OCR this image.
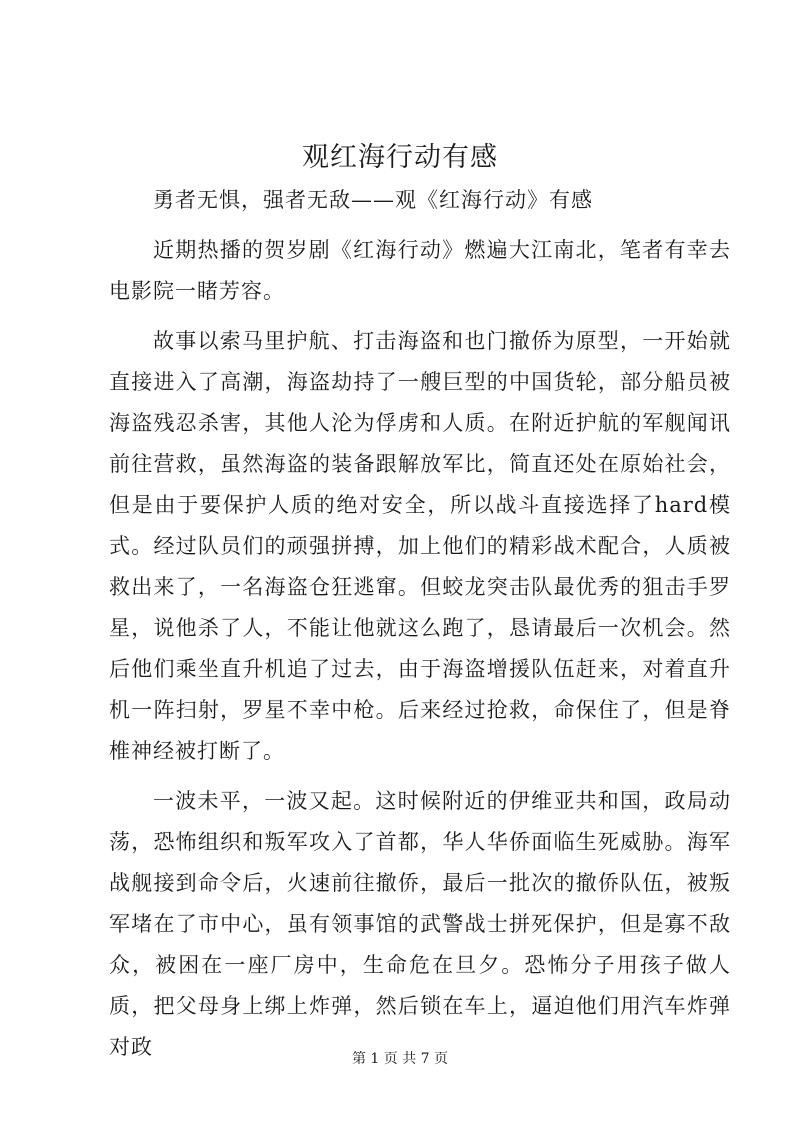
观红海行动有感

勇者无惧，强者无敌——观《红海行动》有感

近期热播的贺岁剧《红海行动》燃遍大江南北，笔者有幸去电影院一睹芳容。

故事以索马里护航、打击海盗和也门撤侨为原型，一开始就直接进入了高潮，海盗劫持了一艘巨型的中国货轮，部分船员被海盗残忍杀害，其他人沦为俘虏和人质。在附近护航的军舰闻讯前往营救，虽然海盗的装备跟解放军比，简直还处在原始社会，但是由于要保护人质的绝对安全，所以战斗直接选择了hard模式。经过队员们的顽强拼搏，加上他们的精彩战术配合，人质被救出来了，一名海盗仓狂逃窜。但蛟龙突击队最优秀的狙击手罗星，说他杀了人，不能让他就这么跑了，恳请最后一次机会。然后他们乘坐直升机追了过去，由于海盗增援队伍赶来，对着直升机一阵扫射，罗星不幸中枪。后来经过抢救，命保住了，但是脊椎神经被打断了。

一波未平，一波又起。这时候附近的伊维亚共和国，政局动荡，恐怖组织和叛军攻入了首都，华人华侨面临生死威胁。海军战舰接到命令后，火速前往撤侨，最后一批次的撤侨队伍，被叛军堵在了市中心，虽有领事馆的武警战士拼死保护，但是寡不敌众，被困在一座厂房中，生命危在旦夕。恐怖分子用孩子做人质，把父母身上绑上炸弹，然后锁在车上，逼迫他们用汽车炸弹对政	第 1 页 共 7 页
